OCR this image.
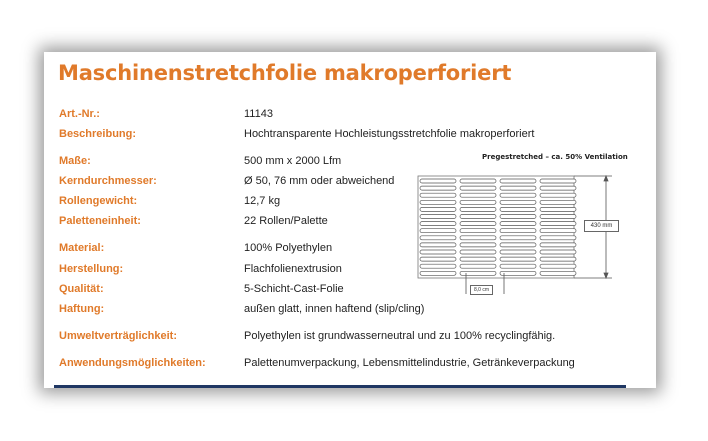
Maschinenstretchfolie makroperforiert
Art.-Nr.:	11143
Beschreibung:	Hochtransparente Hochleistungsstretchfolie makroperforiert
Maße:	500 mm x 2000 Lfm
Kerndurchmesser:	Ø 50, 76 mm oder abweichend
Rollengewicht:	12,7 kg
Paletteneinheit:	22 Rollen/Palette
Material:	100% Polyethylen
Herstellung:	Flachfolienextrusion
Qualität:	5-Schicht-Cast-Folie
Haftung:	außen glatt, innen haftend (slip/cling)
Umweltverträglichkeit:	Polyethylen ist grundwasserneutral und zu 100% recyclingfähig.
Anwendungsmöglichkeiten:	Palettenumverpackung, Lebensmittelindustrie, Getränkeverpackung
Pregestretched – ca. 50% Ventilation
430 mm
8,0 cm
